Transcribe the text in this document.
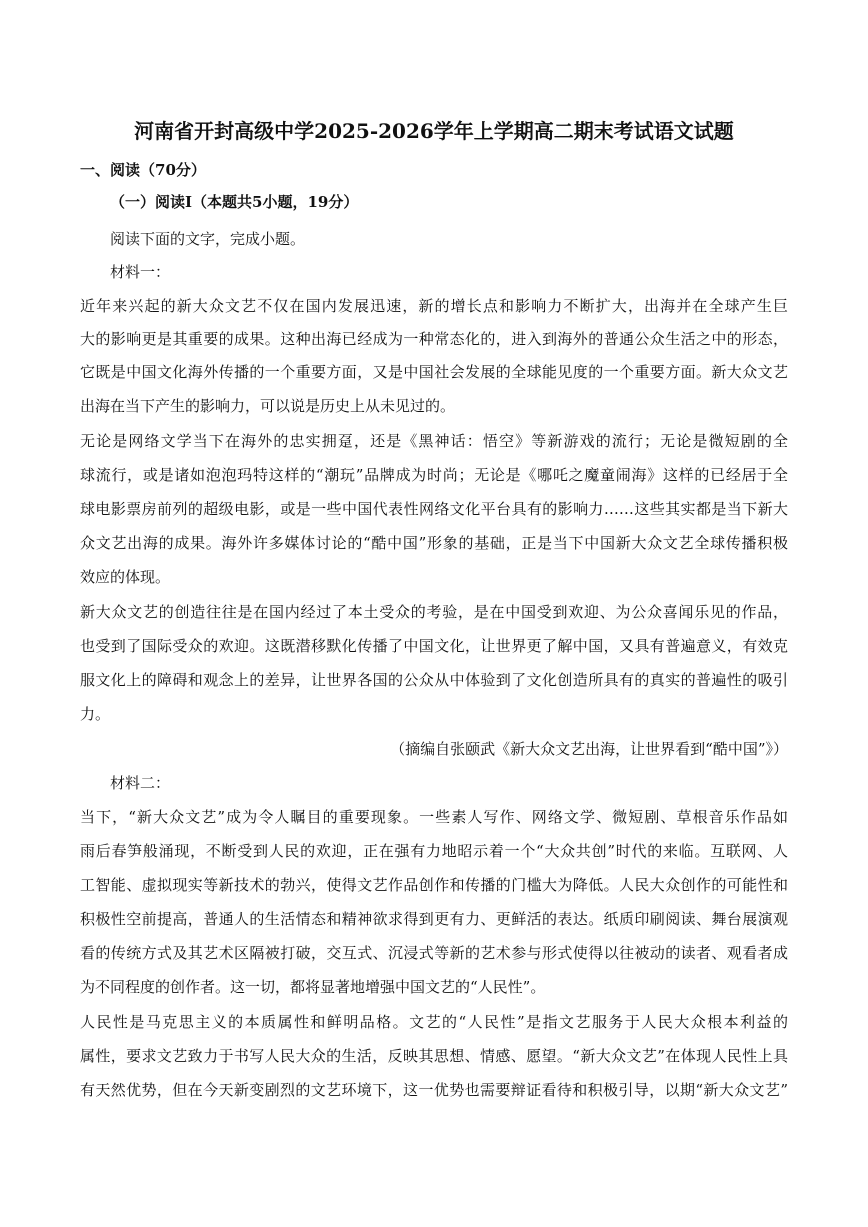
河南省开封高级中学2025-2026学年上学期高二期末考试语文试题
一、阅读（70分）
（一）阅读Ⅰ（本题共5小题，19分）
阅读下面的文字，完成小题。
材料一：
近年来兴起的新大众文艺不仅在国内发展迅速，新的增长点和影响力不断扩大，出海并在全球产生巨
大的影响更是其重要的成果。这种出海已经成为一种常态化的，进入到海外的普通公众生活之中的形态，
它既是中国文化海外传播的一个重要方面，又是中国社会发展的全球能见度的一个重要方面。新大众文艺
出海在当下产生的影响力，可以说是历史上从未见过的。
无论是网络文学当下在海外的忠实拥趸，还是《黑神话：悟空》等新游戏的流行；无论是微短剧的全
球流行，或是诸如泡泡玛特这样的“潮玩”品牌成为时尚；无论是《哪吒之魔童闹海》这样的已经居于全
球电影票房前列的超级电影，或是一些中国代表性网络文化平台具有的影响力……这些其实都是当下新大
众文艺出海的成果。海外许多媒体讨论的“酷中国”形象的基础，正是当下中国新大众文艺全球传播积极
效应的体现。
新大众文艺的创造往往是在国内经过了本土受众的考验，是在中国受到欢迎、为公众喜闻乐见的作品，
也受到了国际受众的欢迎。这既潜移默化传播了中国文化，让世界更了解中国，又具有普遍意义，有效克
服文化上的障碍和观念上的差异，让世界各国的公众从中体验到了文化创造所具有的真实的普遍性的吸引
力。
（摘编自张颐武《新大众文艺出海，让世界看到“酷中国”》）
材料二：
当下，“新大众文艺”成为令人瞩目的重要现象。一些素人写作、网络文学、微短剧、草根音乐作品如
雨后春笋般涌现，不断受到人民的欢迎，正在强有力地昭示着一个“大众共创”时代的来临。互联网、人
工智能、虚拟现实等新技术的勃兴，使得文艺作品创作和传播的门槛大为降低。人民大众创作的可能性和
积极性空前提高，普通人的生活情态和精神欲求得到更有力、更鲜活的表达。纸质印刷阅读、舞台展演观
看的传统方式及其艺术区隔被打破，交互式、沉浸式等新的艺术参与形式使得以往被动的读者、观看者成
为不同程度的创作者。这一切，都将显著地增强中国文艺的“人民性”。
人民性是马克思主义的本质属性和鲜明品格。文艺的“人民性”是指文艺服务于人民大众根本利益的
属性，要求文艺致力于书写人民大众的生活，反映其思想、情感、愿望。“新大众文艺”在体现人民性上具
有天然优势，但在今天新变剧烈的文艺环境下，这一优势也需要辩证看待和积极引导，以期“新大众文艺”
